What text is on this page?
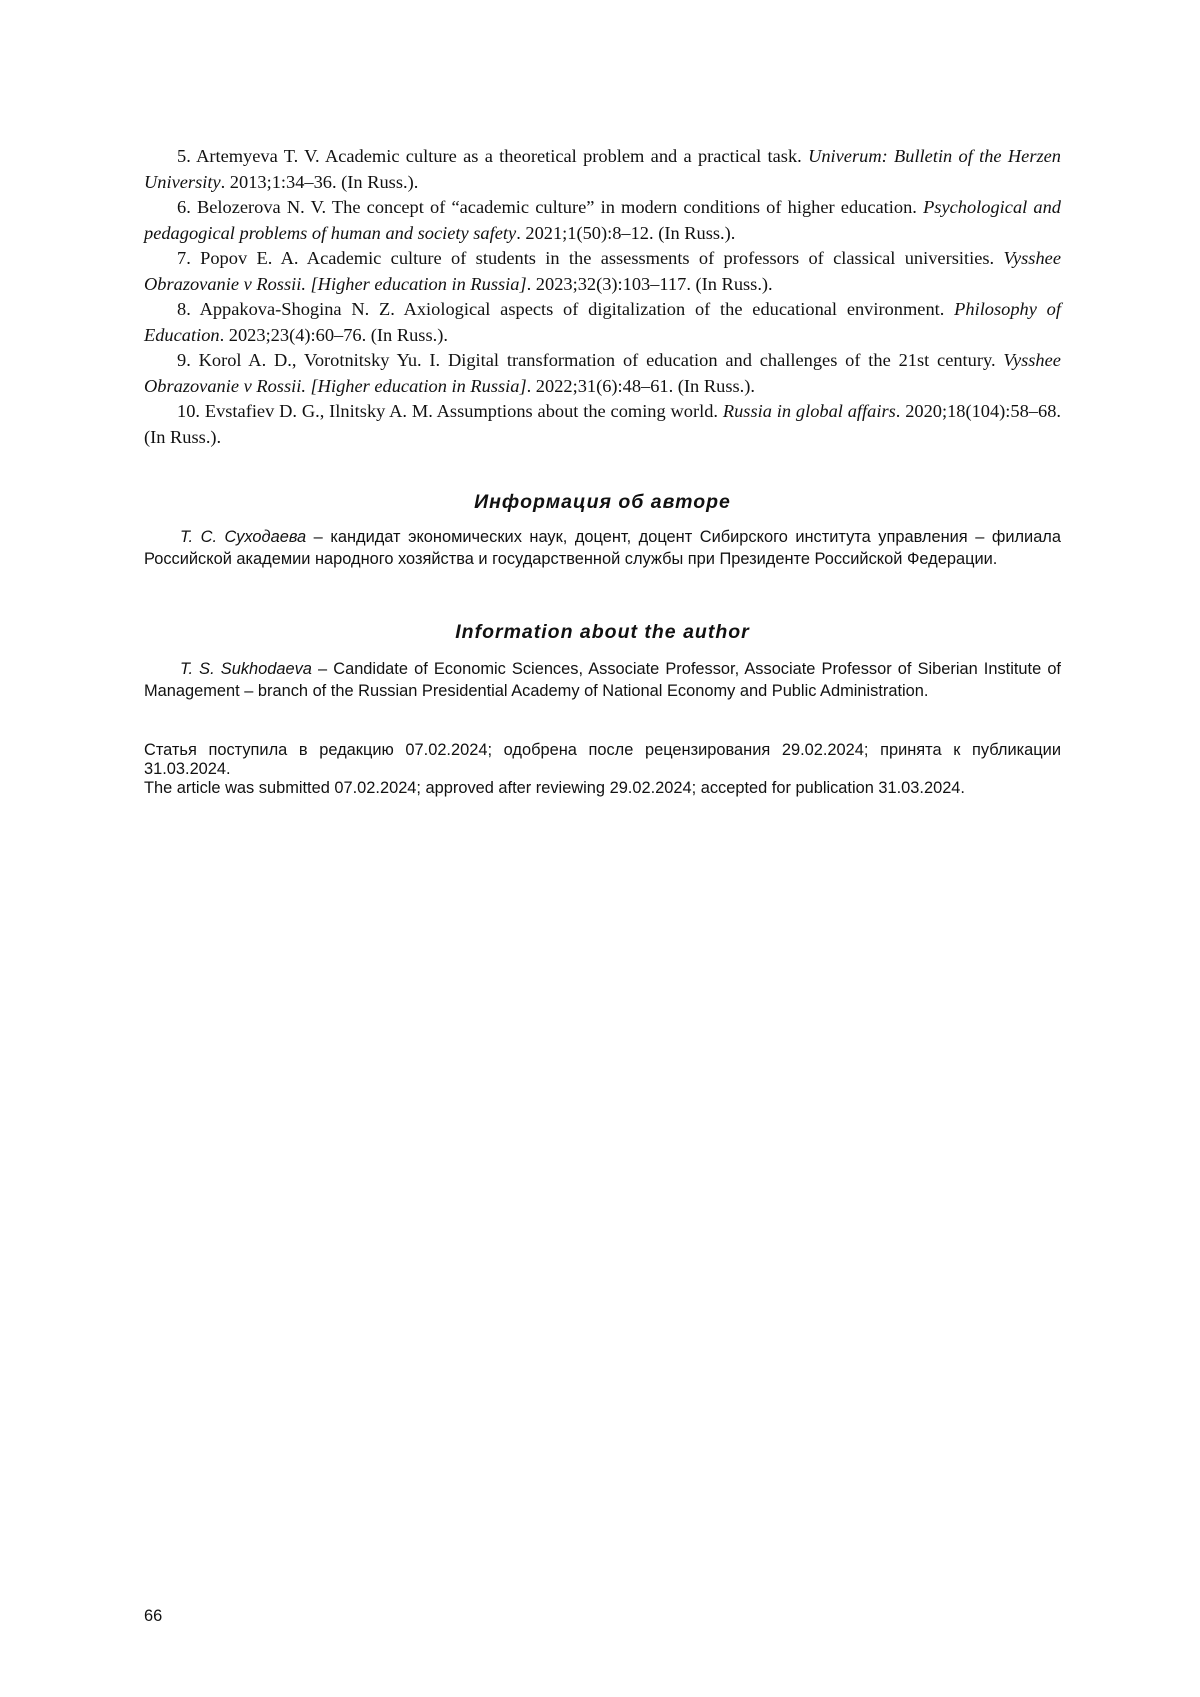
5. Artemyeva T. V. Academic culture as a theoretical problem and a practical task. Univerum: Bulletin of the Herzen University. 2013;1:34–36. (In Russ.).

6. Belozerova N. V. The concept of “academic culture” in modern conditions of higher education. Psychological and pedagogical problems of human and society safety. 2021;1(50):8–12. (In Russ.).

7. Popov E. A. Academic culture of students in the assessments of professors of classical universities. Vysshee Obrazovanie v Rossii. [Higher education in Russia]. 2023;32(3):103–117. (In Russ.).

8. Appakova-Shogina N. Z. Axiological aspects of digitalization of the educational environment. Philosophy of Education. 2023;23(4):60–76. (In Russ.).

9. Korol A. D., Vorotnitsky Yu. I. Digital transformation of education and challenges of the 21st century. Vysshee Obrazovanie v Rossii. [Higher education in Russia]. 2022;31(6):48–61. (In Russ.).

10. Evstafiev D. G., Ilnitsky A. M. Assumptions about the coming world. Russia in global affairs. 2020;18(104):58–68. (In Russ.).

Информация об авторе

Т. С. Суходаева – кандидат экономических наук, доцент, доцент Сибирского института управления – филиала Российской академии народного хозяйства и государственной службы при Президенте Российской Федерации.

Information about the author

T. S. Sukhodaeva – Candidate of Economic Sciences, Associate Professor, Associate Professor of Siberian Institute of Management – branch of the Russian Presidential Academy of National Economy and Public Administration.

Статья поступила в редакцию 07.02.2024; одобрена после рецензирования 29.02.2024; принята к публикации 31.03.2024.

The article was submitted 07.02.2024; approved after reviewing 29.02.2024; accepted for publication 31.03.2024.

66
